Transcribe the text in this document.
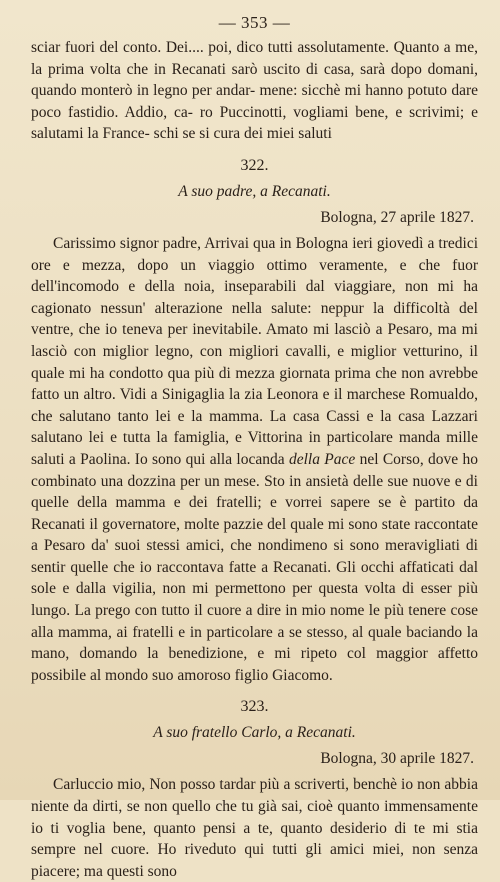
— 353 —

sciar fuori del conto. Dei.... poi, dico tutti assolutamente. Quanto a me, la prima volta che in Recanati sarò uscito di casa, sarà dopo domani, quando monterò in legno per andar- mene: sicchè mi hanno potuto dare poco fastidio. Addio, ca- ro Puccinotti, vogliami bene, e scrivimi; e salutami la France- schi se si cura dei miei saluti

322.
A suo padre, a Recanati.
Bologna, 27 aprile 1827.

Carissimo signor padre, Arrivai qua in Bologna ieri giovedì a tredici ore e mezza, dopo un viaggio ottimo veramente, e che fuor dell'incomodo e della noia, inseparabili dal viaggiare, non mi ha cagionato nessun' alterazione nella salute: neppur la difficoltà del ventre, che io teneva per inevitabile. Amato mi lasciò a Pesaro, ma mi lasciò con miglior legno, con migliori cavalli, e miglior vetturino, il quale mi ha condotto qua più di mezza giornata prima che non avrebbe fatto un altro. Vidi a Sinigaglia la zia Leonora e il marchese Romualdo, che salutano tanto lei e la mamma. La casa Cassi e la casa Lazzari salutano lei e tutta la famiglia, e Vittorina in particolare manda mille saluti a Paolina. Io sono qui alla locanda della Pace nel Corso, dove ho combinato una dozzina per un mese. Sto in ansietà delle sue nuove e di quelle della mamma e dei fratelli; e vorrei sapere se è partito da Recanati il governatore, molte pazzie del quale mi sono state raccontate a Pesaro da' suoi stessi amici, che nondimeno si sono meravigliati di sentir quelle che io raccontava fatte a Recanati. Gli occhi affaticati dal sole e dalla vigilia, non mi permettono per questa volta di esser più lungo. La prego con tutto il cuore a dire in mio nome le più tenere cose alla mamma, ai fratelli e in particolare a se stesso, al quale baciando la mano, domando la benedizione, e mi ripeto col maggior affetto possibile al mondo suo amoroso figlio Giacomo.

323.
A suo fratello Carlo, a Recanati.
Bologna, 30 aprile 1827.

Carluccio mio, Non posso tardar più a scriverti, benchè io non abbia niente da dirti, se non quello che tu già sai, cioè quanto immensamente io ti voglia bene, quanto pensi a te, quanto desiderio di te mi stia sempre nel cuore. Ho riveduto qui tutti gli amici miei, non senza piacere; ma questi sono
